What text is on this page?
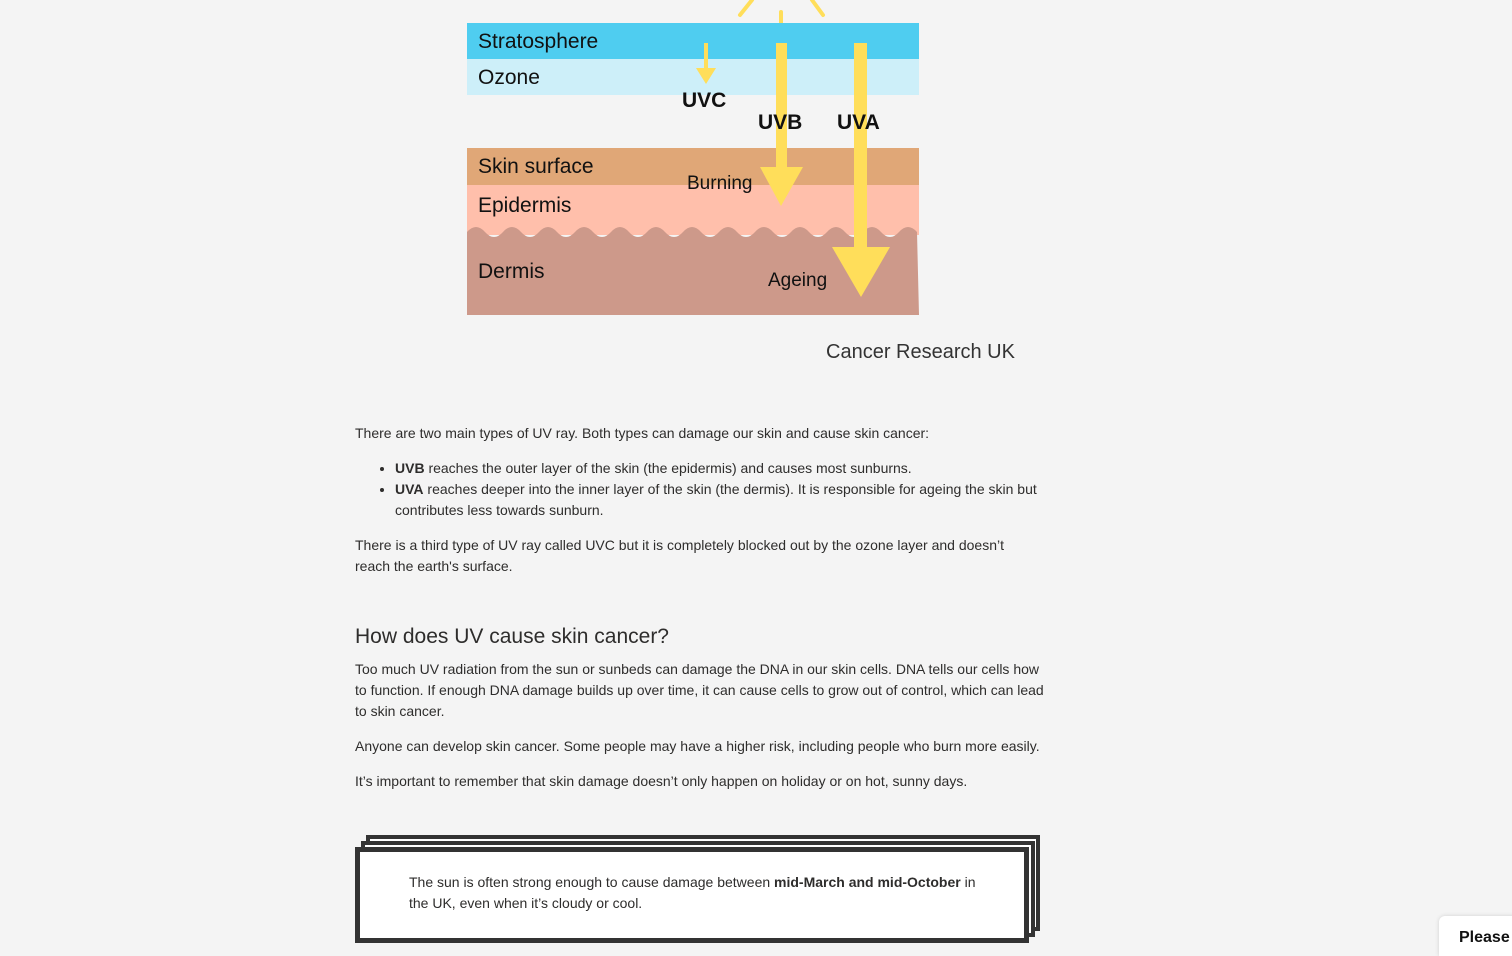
Stratosphere
Ozone
UVC
UVB UVA
Skin surface
Burning
Epidermis
Dermis	Ageing
Cancer Research UK

There are two main types of UV ray. Both types can damage our skin and cause skin cancer:

• UVB reaches the outer layer of the skin (the epidermis) and causes most sunburns.
• UVA reaches deeper into the inner layer of the skin (the dermis). It is responsible for ageing the skin but contributes less towards sunburn.

There is a third type of UV ray called UVC but it is completely blocked out by the ozone layer and doesn’t reach the earth's surface.

How does UV cause skin cancer?

Too much UV radiation from the sun or sunbeds can damage the DNA in our skin cells. DNA tells our cells how to function. If enough DNA damage builds up over time, it can cause cells to grow out of control, which can lead to skin cancer.

Anyone can develop skin cancer. Some people may have a higher risk, including people who burn more easily.

It’s important to remember that skin damage doesn’t only happen on holiday or on hot, sunny days.

The sun is often strong enough to cause damage between mid-March and mid-October in the UK, even when it’s cloudy or cool.

Please
